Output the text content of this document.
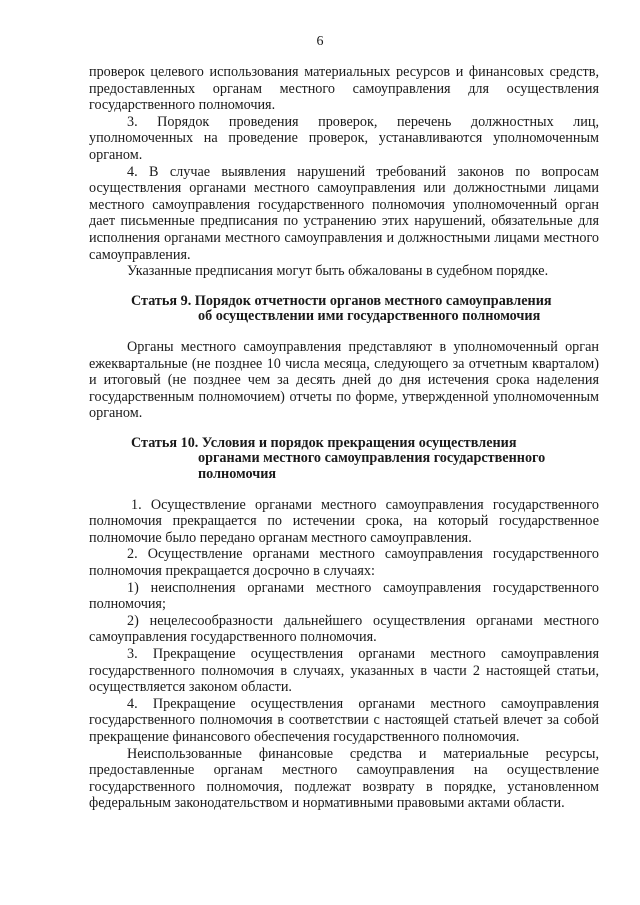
6

проверок целевого использования материальных ресурсов и финансовых средств, предоставленных органам местного самоуправления для осуществления государственного полномочия.

3. Порядок проведения проверок, перечень должностных лиц, уполномоченных на проведение проверок, устанавливаются уполномоченным органом.

4. В случае выявления нарушений требований законов по вопросам осуществления органами местного самоуправления или должностными лицами местного самоуправления государственного полномочия уполномоченный орган дает письменные предписания по устранению этих нарушений, обязательные для исполнения органами местного самоуправления и должностными лицами местного самоуправления.

Указанные предписания могут быть обжалованы в судебном порядке.

Статья 9. Порядок отчетности органов местного самоуправления
об осуществлении ими государственного полномочия

Органы местного самоуправления представляют в уполномоченный орган ежеквартальные (не позднее 10 числа месяца, следующего за отчетным кварталом) и итоговый (не позднее чем за десять дней до дня истечения срока наделения государственным полномочием) отчеты по форме, утвержденной уполномоченным органом.

Статья 10. Условия и порядок прекращения осуществления
органами местного самоуправления государственного
полномочия

1. Осуществление органами местного самоуправления государственного полномочия прекращается по истечении срока, на который государственное полномочие было передано органам местного самоуправления.

2. Осуществление органами местного самоуправления государственного полномочия прекращается досрочно в случаях:

1) неисполнения органами местного самоуправления государственного полномочия;

2) нецелесообразности дальнейшего осуществления органами местного самоуправления государственного полномочия.

3. Прекращение осуществления органами местного самоуправления государственного полномочия в случаях, указанных в части 2 настоящей статьи, осуществляется законом области.

4. Прекращение осуществления органами местного самоуправления государственного полномочия в соответствии с настоящей статьей влечет за собой прекращение финансового обеспечения государственного полномочия.

Неиспользованные финансовые средства и материальные ресурсы, предоставленные органам местного самоуправления на осуществление государственного полномочия, подлежат возврату в порядке, установленном федеральным законодательством и нормативными правовыми актами области.
